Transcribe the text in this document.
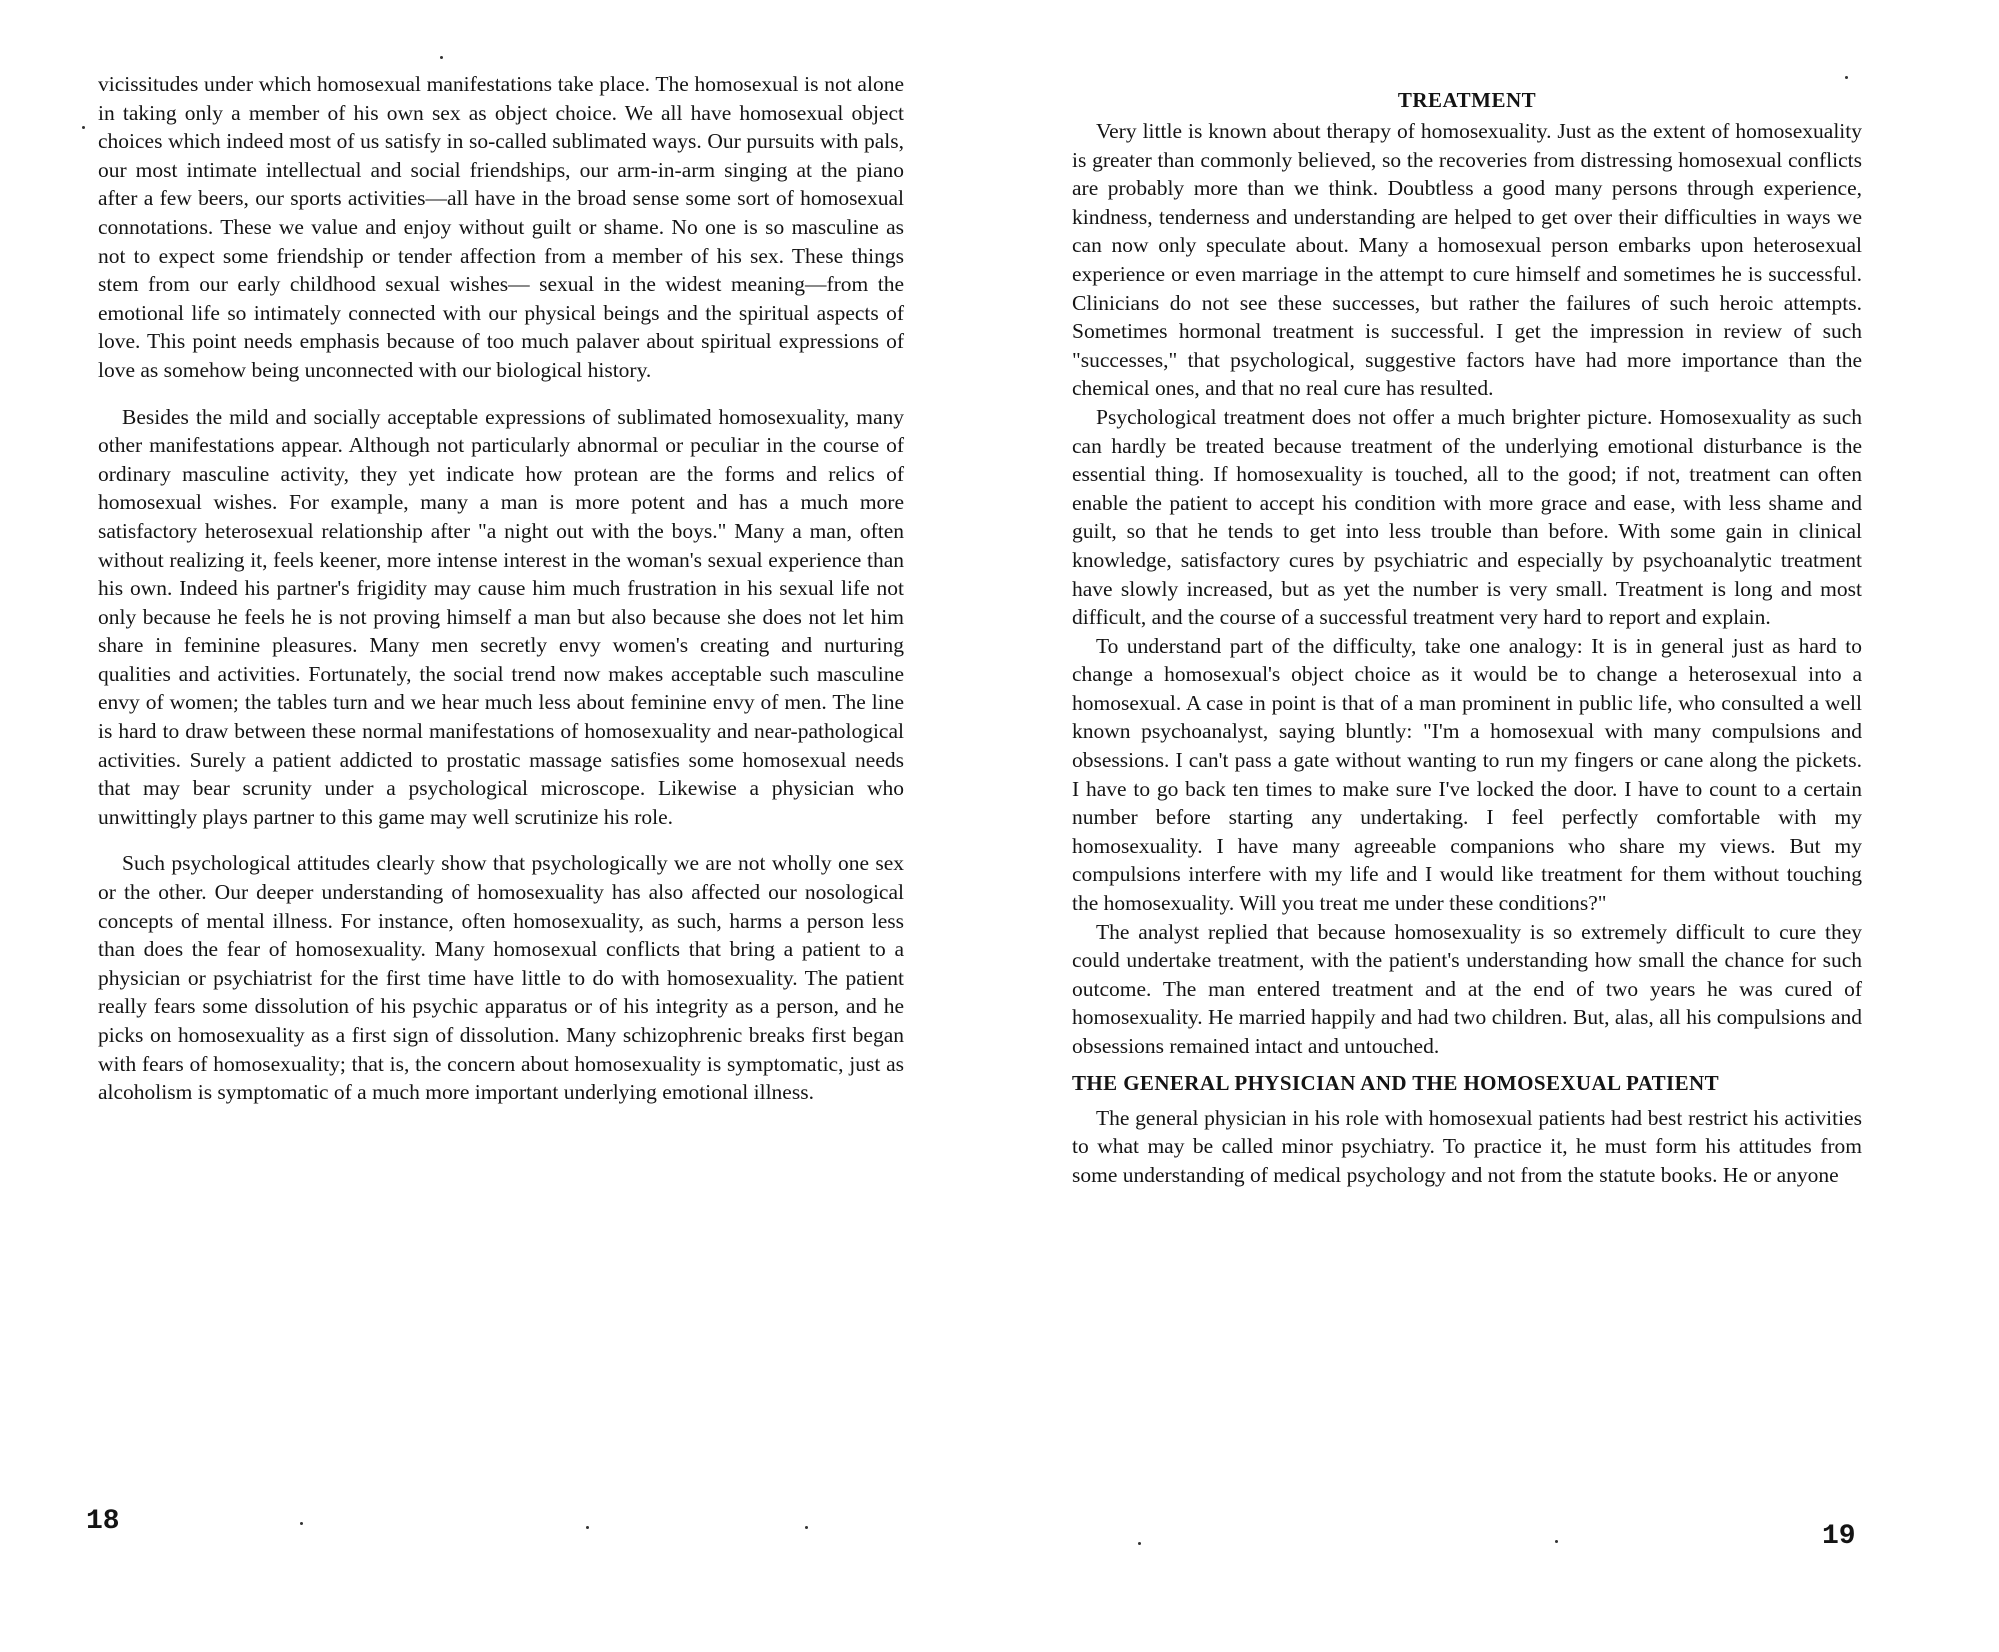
vicissitudes under which homosexual manifestations take place. The homosexual is not alone in taking only a member of his own sex as object choice. We all have homosexual object choices which indeed most of us satisfy in so-called sublimated ways. Our pursuits with pals, our most intimate intellectual and social friendships, our arm-in-arm singing at the piano after a few beers, our sports activities—all have in the broad sense some sort of homosexual connotations. These we value and enjoy without guilt or shame. No one is so masculine as not to expect some friendship or tender affection from a member of his sex. These things stem from our early childhood sexual wishes— sexual in the widest meaning—from the emotional life so intimately connected with our physical beings and the spiritual aspects of love. This point needs emphasis because of too much palaver about spiritual expressions of love as somehow being unconnected with our biological history.

Besides the mild and socially acceptable expressions of sublimated homosexuality, many other manifestations appear. Although not particularly abnormal or peculiar in the course of ordinary masculine activity, they yet indicate how protean are the forms and relics of homosexual wishes. For example, many a man is more potent and has a much more satisfactory heterosexual relationship after "a night out with the boys." Many a man, often without realizing it, feels keener, more intense interest in the woman's sexual experience than his own. Indeed his partner's frigidity may cause him much frustration in his sexual life not only because he feels he is not proving himself a man but also because she does not let him share in feminine pleasures. Many men secretly envy women's creating and nurturing qualities and activities. Fortunately, the social trend now makes acceptable such masculine envy of women; the tables turn and we hear much less about feminine envy of men. The line is hard to draw between these normal manifestations of homosexuality and near-pathological activities. Surely a patient addicted to prostatic massage satisfies some homosexual needs that may bear scrunity under a psychological microscope. Likewise a physician who unwittingly plays partner to this game may well scrutinize his role.

Such psychological attitudes clearly show that psychologically we are not wholly one sex or the other. Our deeper understanding of homosexuality has also affected our nosological concepts of mental illness. For instance, often homosexuality, as such, harms a person less than does the fear of homosexuality. Many homosexual conflicts that bring a patient to a physician or psychiatrist for the first time have little to do with homosexuality. The patient really fears some dissolution of his psychic apparatus or of his integrity as a person, and he picks on homosexuality as a first sign of dissolution. Many schizophrenic breaks first began with fears of homosexuality; that is, the concern about homosexuality is symptomatic, just as alcoholism is symptomatic of a much more important underlying emotional illness.

18
TREATMENT

Very little is known about therapy of homosexuality. Just as the extent of homosexuality is greater than commonly believed, so the recoveries from distressing homosexual conflicts are probably more than we think. Doubtless a good many persons through experience, kindness, tenderness and understanding are helped to get over their difficulties in ways we can now only speculate about. Many a homosexual person embarks upon heterosexual experience or even marriage in the attempt to cure himself and sometimes he is successful. Clinicians do not see these successes, but rather the failures of such heroic attempts. Sometimes hormonal treatment is successful. I get the impression in review of such "successes," that psychological, suggestive factors have had more importance than the chemical ones, and that no real cure has resulted.

Psychological treatment does not offer a much brighter picture. Homosexuality as such can hardly be treated because treatment of the underlying emotional disturbance is the essential thing. If homosexuality is touched, all to the good; if not, treatment can often enable the patient to accept his condition with more grace and ease, with less shame and guilt, so that he tends to get into less trouble than before. With some gain in clinical knowledge, satisfactory cures by psychiatric and especially by psychoanalytic treatment have slowly increased, but as yet the number is very small. Treatment is long and most difficult, and the course of a successful treatment very hard to report and explain.

To understand part of the difficulty, take one analogy: It is in general just as hard to change a homosexual's object choice as it would be to change a heterosexual into a homosexual. A case in point is that of a man prominent in public life, who consulted a well known psychoanalyst, saying bluntly: "I'm a homosexual with many compulsions and obsessions. I can't pass a gate without wanting to run my fingers or cane along the pickets. I have to go back ten times to make sure I've locked the door. I have to count to a certain number before starting any undertaking. I feel perfectly comfortable with my homosexuality. I have many agreeable companions who share my views. But my compulsions interfere with my life and I would like treatment for them without touching the homosexuality. Will you treat me under these conditions?"

The analyst replied that because homosexuality is so extremely difficult to cure they could undertake treatment, with the patient's understanding how small the chance for such outcome. The man entered treatment and at the end of two years he was cured of homosexuality. He married happily and had two children. But, alas, all his compulsions and obsessions remained intact and untouched.

THE GENERAL PHYSICIAN AND THE HOMOSEXUAL PATIENT

The general physician in his role with homosexual patients had best restrict his activities to what may be called minor psychiatry. To practice it, he must form his attitudes from some understanding of medical psychology and not from the statute books. He or anyone

19
